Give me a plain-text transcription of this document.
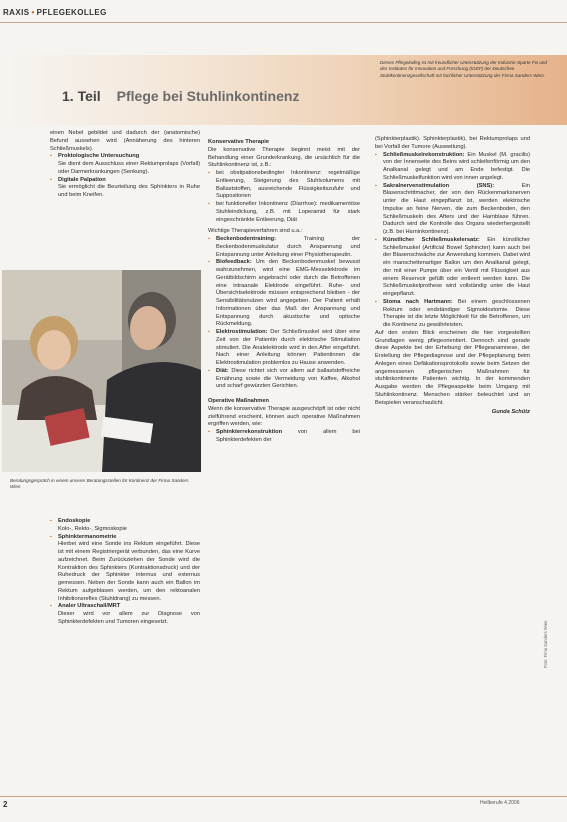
RAXIS • PFLEGEKOLLEG
1. Teil Pflege bei Stuhlinkontinenz
Dieses Pflegekolleg ist mit freundlicher Unterstützung der Industrie-Sparte Fix und des Institutes für Innovation und Forschung (IGEF) der Deutschen Stuhlkontinenzgesellschaft mit fachlicher Unterstützung der Firma Sanders Wien.

einen Nebel gebildet und dadurch der (anatomische) Befund aussehen wird (Annäherung des hinteren Schließmuskels).

▪ Proktologische Untersuchung
Sie dient dem Ausschluss einer Rektumprolaps (Vorfall) oder Darmerkrankungen (Senkung).
▪ Digitale Palpation
Sie ermöglicht die Beurteilung des Sphinkters in Ruhe und beim Kneifen.
Beratungsgespräch in einem unserer Beratungsstellen für Kontinenz der Firma Sanders Wien
▪ Endoskopie
Kolo-, Rekto-, Sigmoskopie
▪ Sphinktermanometrie
Hierbei wird eine Sonde ins Rektum eingeführt. Diese ist mit einem Registriergerät verbunden, das eine Kurve aufzeichnet. Beim Zurückziehen der Sonde wird die Kontraktion des Sphinkters (Kontraktionsdruck) und der Ruhedruck der Sphinkter internus und externus gemessen. Neben der Sonde kann auch ein Ballon im Rektum aufgeblasen werden, um den rektoanalen Inhibitionsreflex (Stuhldrang) zu messen.
▪ Analer Ultraschall/MRT
Dieser wird vor allem zur Diagnose von Sphinkterdefekten und Tumoren eingesetzt.

Konservative Therapie

Die konservative Therapie beginnt meist mit der Behandlung einer Grunderkrankung, die ursächlich für die Stuhlinkontinenz ist, z.B.:

▪ bei obstipationsbedingter Inkontinenz: regelmäßige Entleerung, Steigerung des Stuhlvolumens mit Ballaststoffen, ausreichende Flüssigkeitszufuhr und Suppositorien
▪ bei funktioneller Inkontinenz (Diarrhoe): medikamentöse Stuhleindickung, z.B. mit Loperamid für stark eingeschränkte Entleerung, Diät

Wichtige Therapieverfahren sind u.a.:

▪ Beckenbodentraining:	Training der Beckenbodenmuskulatur durch Anspannung und Entspannung unter Anleitung einer Physiotherapeutin.
▪ Biofeedback: Um den Beckenbodenmuskel bewusst wahrzunehmen, wird eine EMG-Messelektrode im Gerätbildschirm angebracht oder durch die Betroffenen eine intraanale Elektrode eingeführt. Ruhe- und Übersichtselektrode müssen entsprechend bleiben - der Sensibilitätsnutzen wird angegeben. Der Patient erhält Informationen über das Maß der Anspannung und Entspannung durch akustische und optische Rückmeldung.
▪ Elektrostimulation: Der Schließmuskel wird über eine Zeit von der Patientin durch elektrische Stimuliation stimuliert. Die Analelektrode wird in den After eingeführt. Nach einer Anleitung können Patientinnen die Elektrostimulation problemlos zu Hause anwenden.
▪ Diät: Diese richtet sich vor allem auf ballaststoffreiche Ernährung sowie die Vermeidung von Kaffee, Alkohol und scharf gewürzten Gerichten.

Operative Maßnahmen

Wenn die konservative Therapie ausgeschöpft ist oder nicht zielführend erscheint, können auch operative Maßnahmen ergriffen werden, wie:

▪ Sphinkterrekonstruktion	von allem bei Sphinkterdefekten der

(Sphinkterplastik). Sphinkterplastik), bei Rektumprolaps und bei Vorfall der Tumore (Ausweitung).

▪ Schließmuskelrekonstruktion: Ein Muskel (M. gracilis) von der Innenseite des Beins wird schleifenförmig um den Analkanal gelegt und am Ende befestigt. Die Schließmuskelfunktion wird von innen angelegt.
▪ Sakralnervenstimulation (SNS):	Ein Blasenschrittmacher, der von den Rückenmarksnerven unter die Haut eingepflanzt ist, werden elektrische Impulse an feine Nerven, die zum Beckenboden, den Schließmuskeln des Afters und der Harnblase führen. Dadurch wird die Kontrolle des Organs wiederhergestellt (z.B. bei Harninkontinenz).
▪ Künstlicher Schließmuskelersatz: Ein künstlicher Schließmuskel (Artificial Bowel Sphincter) kann auch bei der Blasenschwäche zur Anwendung kommen. Dabei wird ein manschettenartiger Ballon um den Analkanal gelegt, der mit einer Pumpe über ein Ventil mit Flüssigkeit aus einem Reservoir gefüllt oder entleert werden kann. Die Schließmuskelprothese wird vollständig unter die Haut eingepflanzt.
▪ Stoma nach Hartmann: Bei einem geschlossenen Rektum oder endständiger Sigmoidostomie. Diese Therapie ist die letzte Möglichkeit für die Betroffenen, um die Kontinenz zu gewährleisten.

Auf den ersten Blick erscheinen die hier vorgestellten Grundlagen wenig pflegeorientiert. Dennoch sind gerade diese Aspekte bei der Erhebung der Pflegeanamnese, der Erstellung der Pflegediagnose und der Pflegeplanung beim Anlegen eines Defäkationsprotokolls sowie beim Setzen der angemessenen pflegerischen Maßnahmen für stuhlinkontinente Patienten wichtig. In der kommenden Ausgabe werden die Pflegeaspekte beim Umgang mit Stuhlinkontinenz. Menschen stärker beleuchtet und an Beispielen veranschaulicht.

Gunda Schütz

Foto: Fima Sanders Wien
2	Heilberufe 4.2006
